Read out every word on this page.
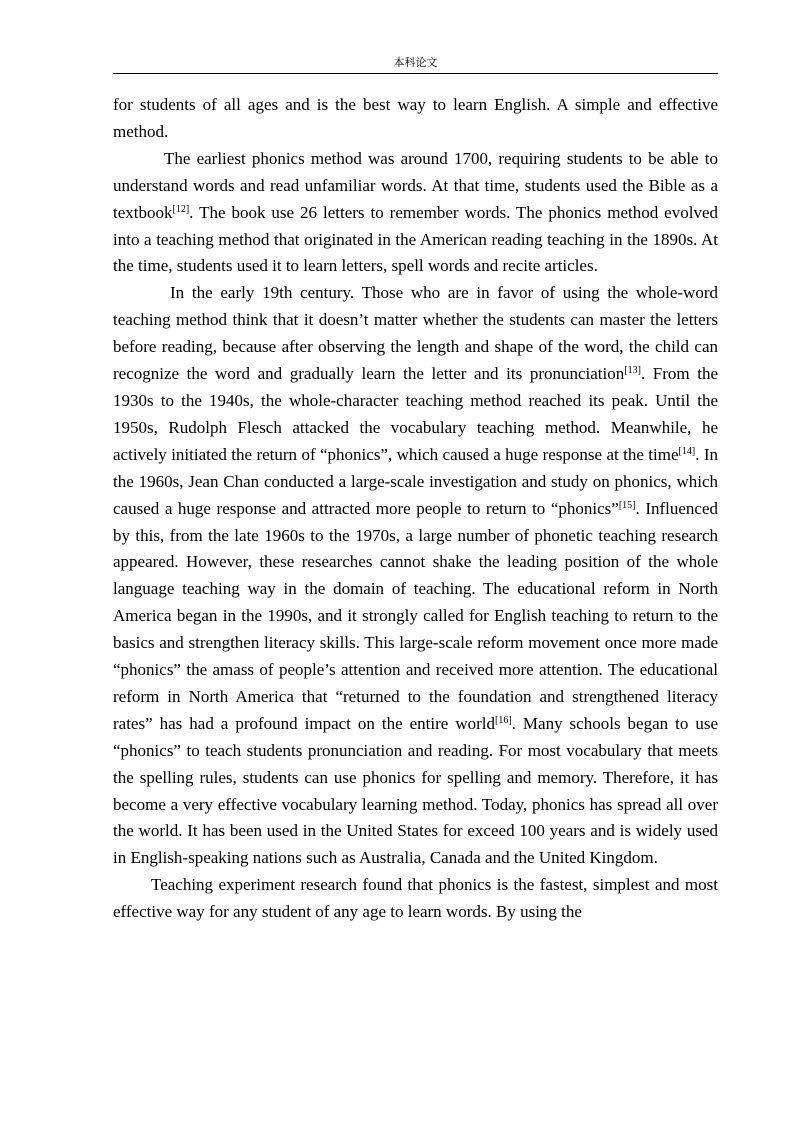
本科论文

for students of all ages and is the best way to learn English. A simple and effective method.

The earliest phonics method was around 1700, requiring students to be able to understand words and read unfamiliar words. At that time, students used the Bible as a textbook[12]. The book use 26 letters to remember words. The phonics method evolved into a teaching method that originated in the American reading teaching in the 1890s. At the time, students used it to learn letters, spell words and recite articles.

In the early 19th century. Those who are in favor of using the whole-word teaching method think that it doesn’t matter whether the students can master the letters before reading, because after observing the length and shape of the word, the child can recognize the word and gradually learn the letter and its pronunciation[13]. From the 1930s to the 1940s, the whole-character teaching method reached its peak. Until the 1950s, Rudolph Flesch attacked the vocabulary teaching method. Meanwhile, he actively initiated the return of “phonics”, which caused a huge response at the time[14]. In the 1960s, Jean Chan conducted a large-scale investigation and study on phonics, which caused a huge response and attracted more people to return to “phonics”[15]. Influenced by this, from the late 1960s to the 1970s, a large number of phonetic teaching research appeared. However, these researches cannot shake the leading position of the whole language teaching way in the domain of teaching. The educational reform in North America began in the 1990s, and it strongly called for English teaching to return to the basics and strengthen literacy skills. This large-scale reform movement once more made “phonics” the amass of people’s attention and received more attention. The educational reform in North America that “returned to the foundation and strengthened literacy rates” has had a profound impact on the entire world[16]. Many schools began to use “phonics” to teach students pronunciation and reading. For most vocabulary that meets the spelling rules, students can use phonics for spelling and memory. Therefore, it has become a very effective vocabulary learning method. Today, phonics has spread all over the world. It has been used in the United States for exceed 100 years and is widely used in English-speaking nations such as Australia, Canada and the United Kingdom.

Teaching experiment research found that phonics is the fastest, simplest and most effective way for any student of any age to learn words. By using the
